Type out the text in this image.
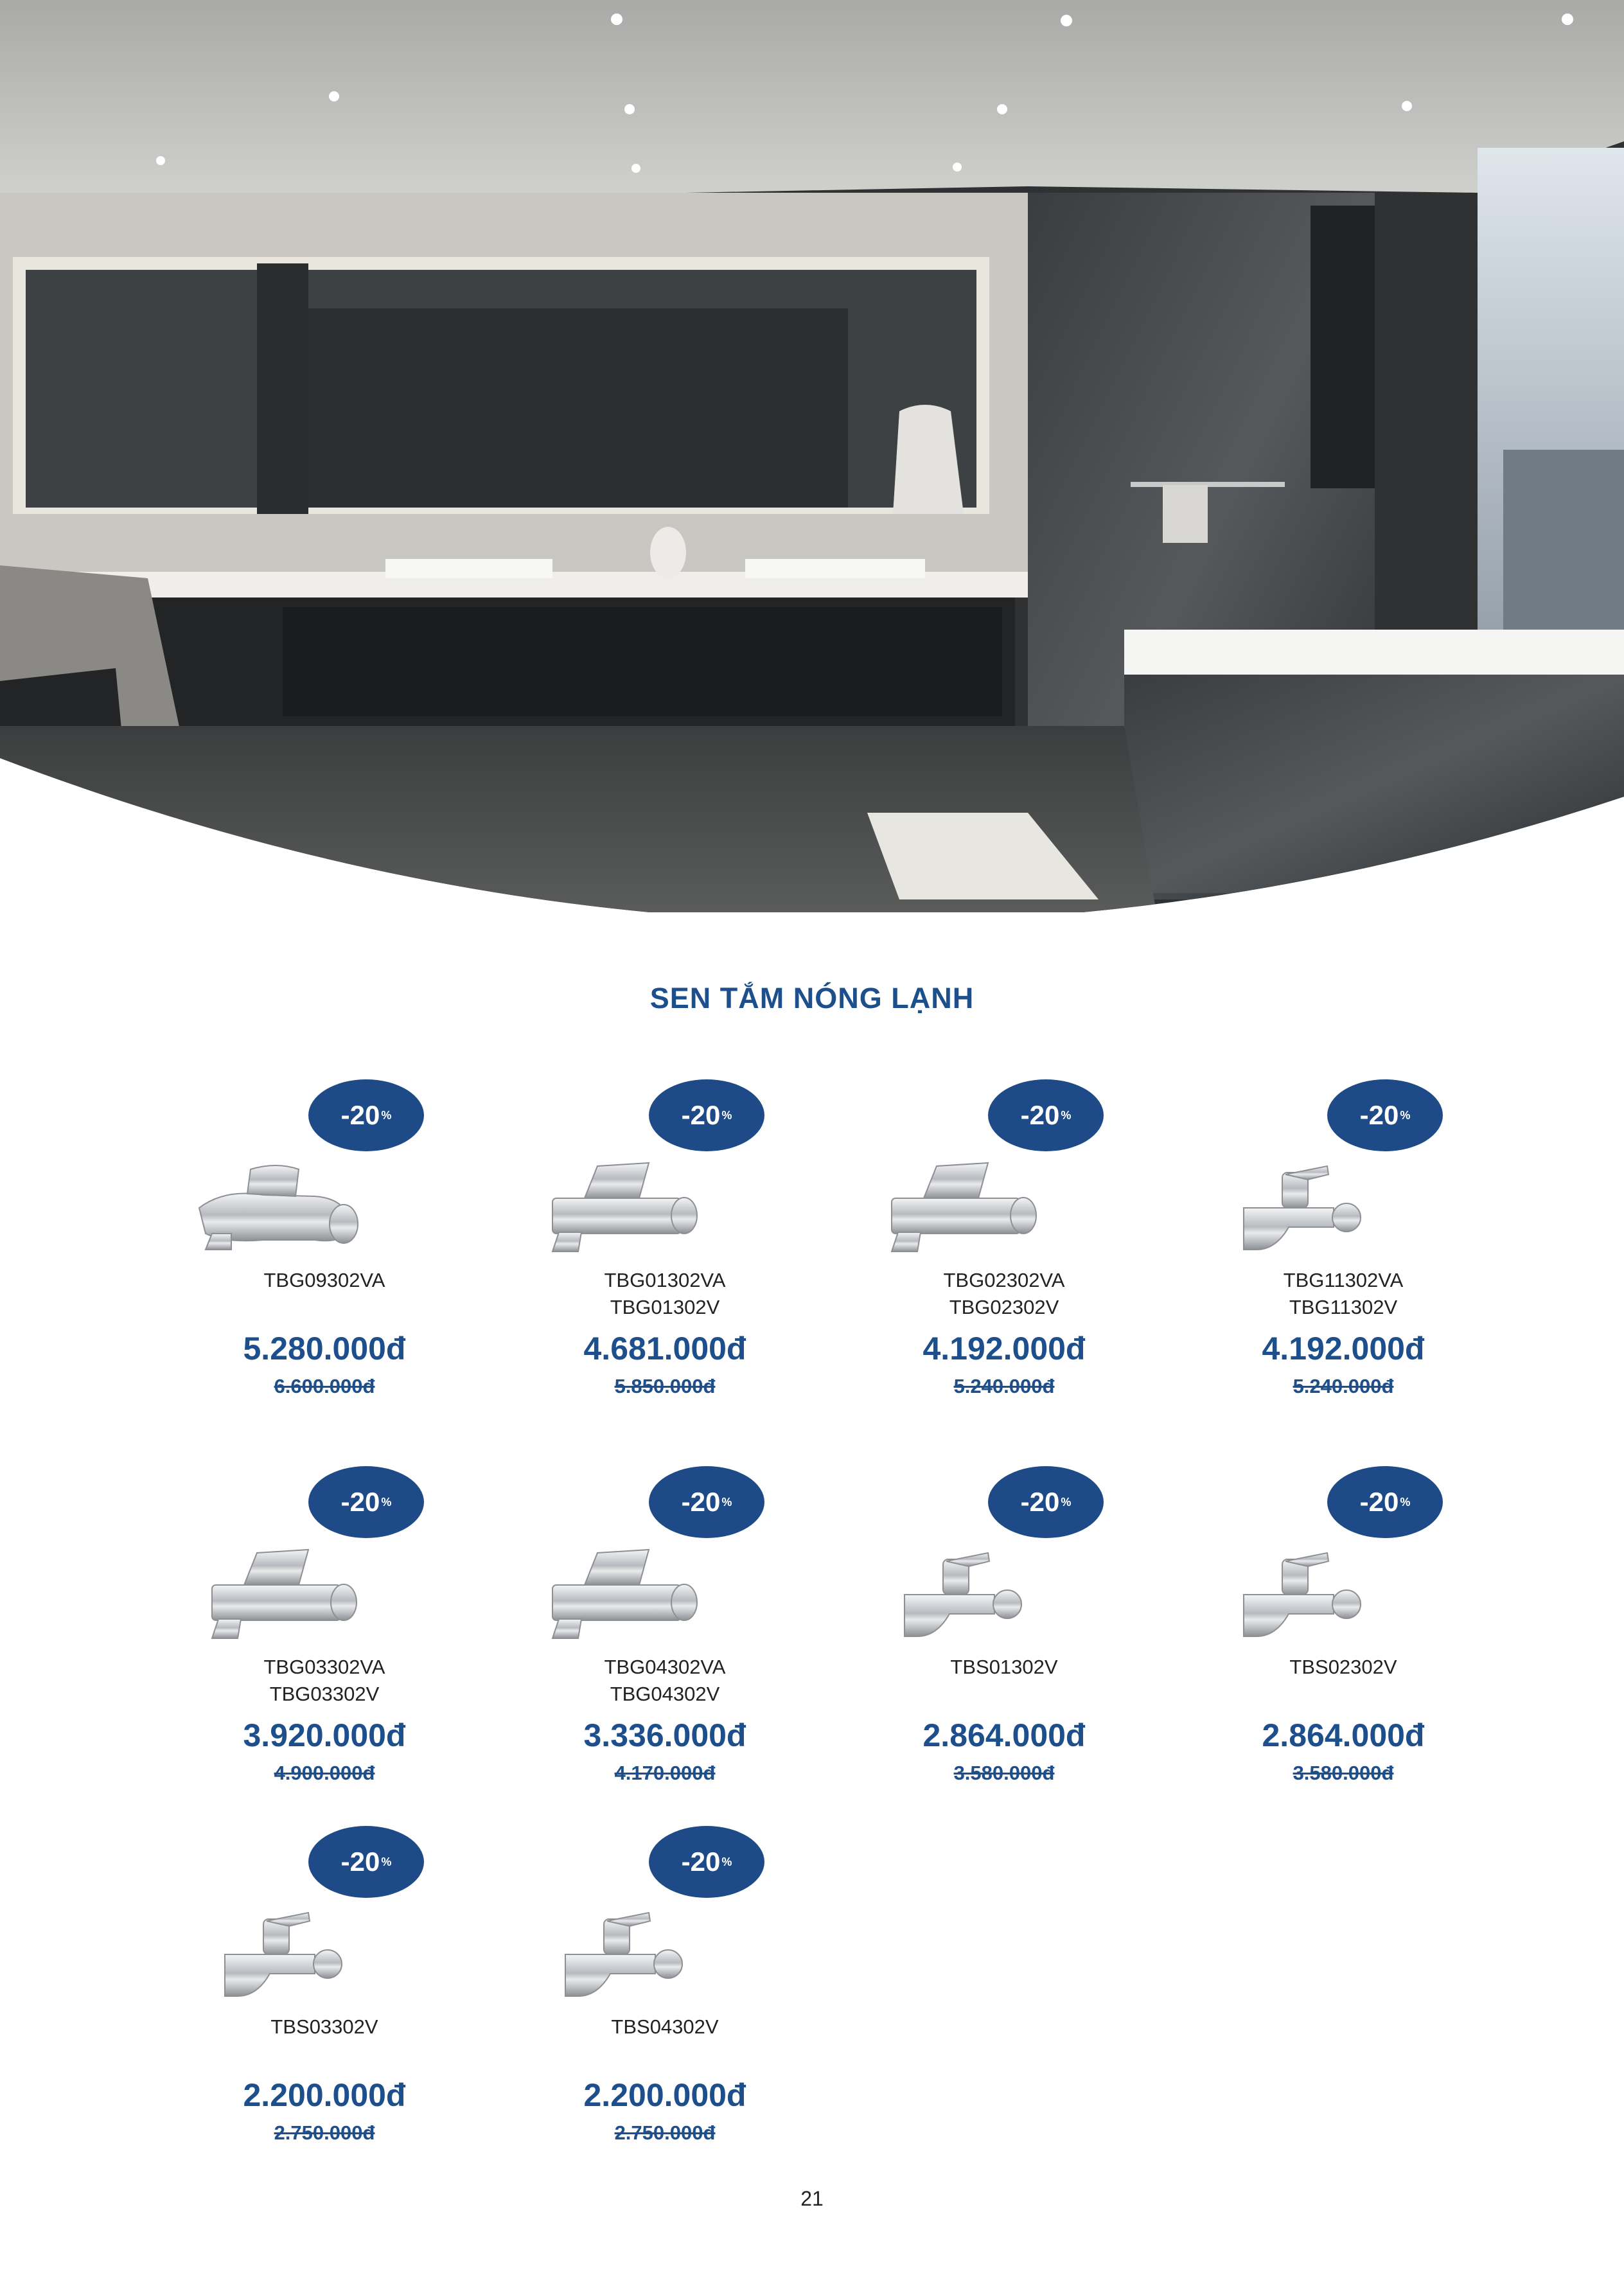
SEN TẮM NÓNG LẠNH
-20 %
TBG09302VA
5.280.000đ
6.600.000đ
-20 %
TBG01302VA
TBG01302V
4.681.000đ
5.850.000đ
-20 %
TBG02302VA
TBG02302V
4.192.000đ
5.240.000đ
-20 %
TBG11302VA
TBG11302V
4.192.000đ
5.240.000đ
-20 %
TBG03302VA
TBG03302V
3.920.000đ
4.900.000đ
-20 %
TBG04302VA
TBG04302V
3.336.000đ
4.170.000đ
-20 %
TBS01302V
2.864.000đ
3.580.000đ
-20 %
TBS02302V
2.864.000đ
3.580.000đ
-20 %
TBS03302V
2.200.000đ
2.750.000đ
-20 %
TBS04302V
2.200.000đ
2.750.000đ
21
